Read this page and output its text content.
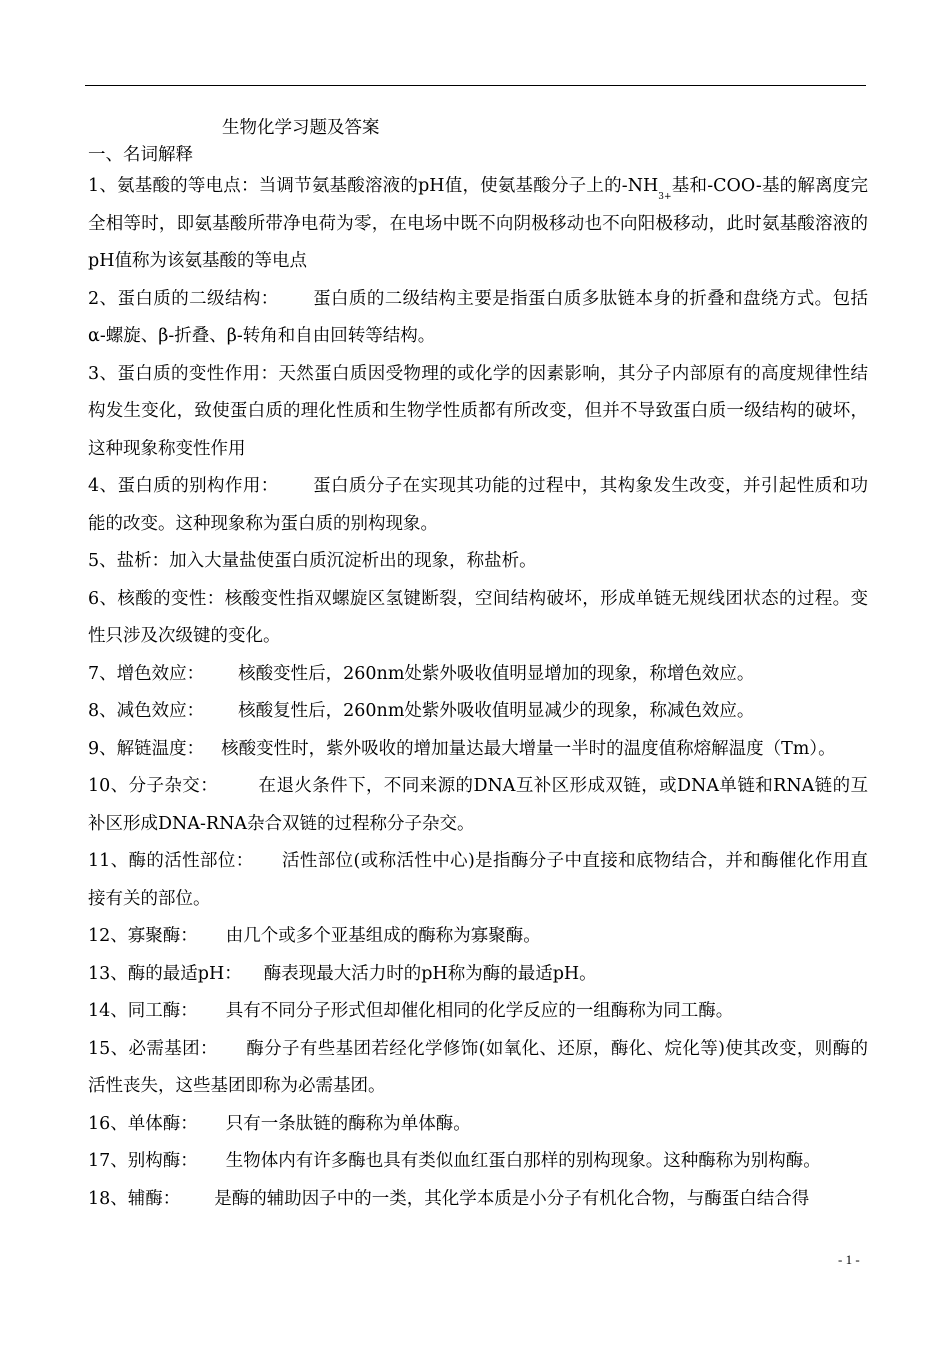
生物化学习题及答案
一、名词解释

1、氨基酸的等电点：当调节氨基酸溶液的pH值，使氨基酸分子上的$-NH_{3+}$基和-COO-基的解离度完全相等时，即氨基酸所带净电荷为零，在电场中既不向阴极移动也不向阳极移动，此时氨基酸溶液的pH值称为该氨基酸的等电点

2、蛋白质的二级结构： 蛋白质的二级结构主要是指蛋白质多肽链本身的折叠和盘绕方式。包括α-螺旋、β-折叠、β-转角和自由回转等结构。

3、蛋白质的变性作用：天然蛋白质因受物理的或化学的因素影响，其分子内部原有的高度规律性结构发生变化，致使蛋白质的理化性质和生物学性质都有所改变，但并不导致蛋白质一级结构的破坏，这种现象称变性作用

4、蛋白质的别构作用： 蛋白质分子在实现其功能的过程中，其构象发生改变，并引起性质和功能的改变。这种现象称为蛋白质的别构现象。

5、盐析：加入大量盐使蛋白质沉淀析出的现象，称盐析。

6、核酸的变性：核酸变性指双螺旋区氢键断裂，空间结构破坏，形成单链无规线团状态的过程。变性只涉及次级键的变化。

7、增色效应： 核酸变性后，260nm处紫外吸收值明显增加的现象，称增色效应。

8、减色效应： 核酸复性后，260nm处紫外吸收值明显减少的现象，称减色效应。

9、解链温度： 核酸变性时，紫外吸收的增加量达最大增量一半时的温度值称熔解温度（Tm）。

10、分子杂交： 在退火条件下，不同来源的DNA互补区形成双链，或DNA单链和RNA链的互补区形成DNA-RNA杂合双链的过程称分子杂交。

11、酶的活性部位： 活性部位(或称活性中心)是指酶分子中直接和底物结合，并和酶催化作用直接有关的部位。

12、寡聚酶： 由几个或多个亚基组成的酶称为寡聚酶。

13、酶的最适pH： 酶表现最大活力时的pH称为酶的最适pH。

14、同工酶： 具有不同分子形式但却催化相同的化学反应的一组酶称为同工酶。

15、必需基团： 酶分子有些基团若经化学修饰(如氧化、还原，酶化、烷化等)使其改变，则酶的活性丧失，这些基团即称为必需基团。

16、单体酶： 只有一条肽链的酶称为单体酶。

17、别构酶： 生物体内有许多酶也具有类似血红蛋白那样的别构现象。这种酶称为别构酶。

18、辅酶： 是酶的辅助因子中的一类，其化学本质是小分子有机化合物，与酶蛋白结合得

- 1 -
